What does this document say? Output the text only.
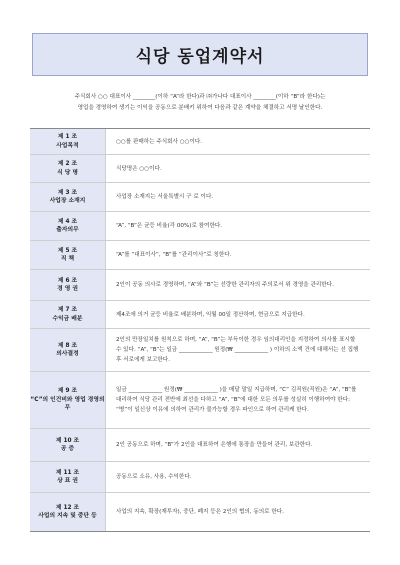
식당 동업계약서

주식회사 ○○ 대표이사 ________(이하 “A”라 한다)과 ㈜가나다 대표이사 ________(이하 “B”라 한다)는

영업을 경영하여 생기는 이익을 공동으로 분배키 위하여 다음과 같은 계약을 체결하고 서명 날인한다.

제 1 조
사업목적

○○를 판매하는 주식회사 ○○이다.

제 2 조
식 당 명

식당명은 ○○이다.

제 3 조
사업장 소재지

사업장 소재지는 서울특별시 구 로 이다.

제 4 조
출자의무

“A”, “B”은 균등 비율(각 00%)로 참여한다.

제 5 조
직 책

“A”를 “대표이사”, “B”를 “관리이사”로 칭한다.

제 6 조
경 영 권

2인이 공동 의사로 경영하며, “A”와 “B”는 선량한 관리자의 주의로서 위 경영을 관리한다.

제 7 조
수익금 배분

제4조에 의거 균등 비율로 배분하며, 익월 00일 정산하며, 현금으로 지급한다.

제 8 조
의사결정

2인의 만장일치를 원칙으로 하며, “A”, “B”는 부득이한 경우 임의대리인을 지정하여 의사를 표시할 수 있다. “A”, “B”는 일금 ____________ 원정(₩ ____________ ) 이하의 소액 건에 대해서는 선 집행 후 서로에게 보고한다.

제 9 조
“C”의 인건비와 영업 경영의무

일금 ____________ 원정(₩ ____________ )을 매달 말일 지급하며, “C” 김직원(직원)은 “A”, “B”를 대리하여 식당 관리 전반에 최선을 다하고 “A”, “B”에 대한 모든 의무를 성실히 이행하여야 한다: “병”이 일신상 이유에 의하여 관리가 불가능할 경우 파인으로 하여 관리케 한다.

제 10 조
공 증

2인 공동으로 하며, “B”가 2인을 대표하여 은행에 통장을 만들어 관리, 보관한다.

제 11 조
상 표 권

공동으로 소유, 사용, 수익한다.

제 12 조
사업의 지속 및 중단 등

사업의 지속, 확장(재투자), 중단, 폐지 등은 2인의 협의, 동의로 한다.
